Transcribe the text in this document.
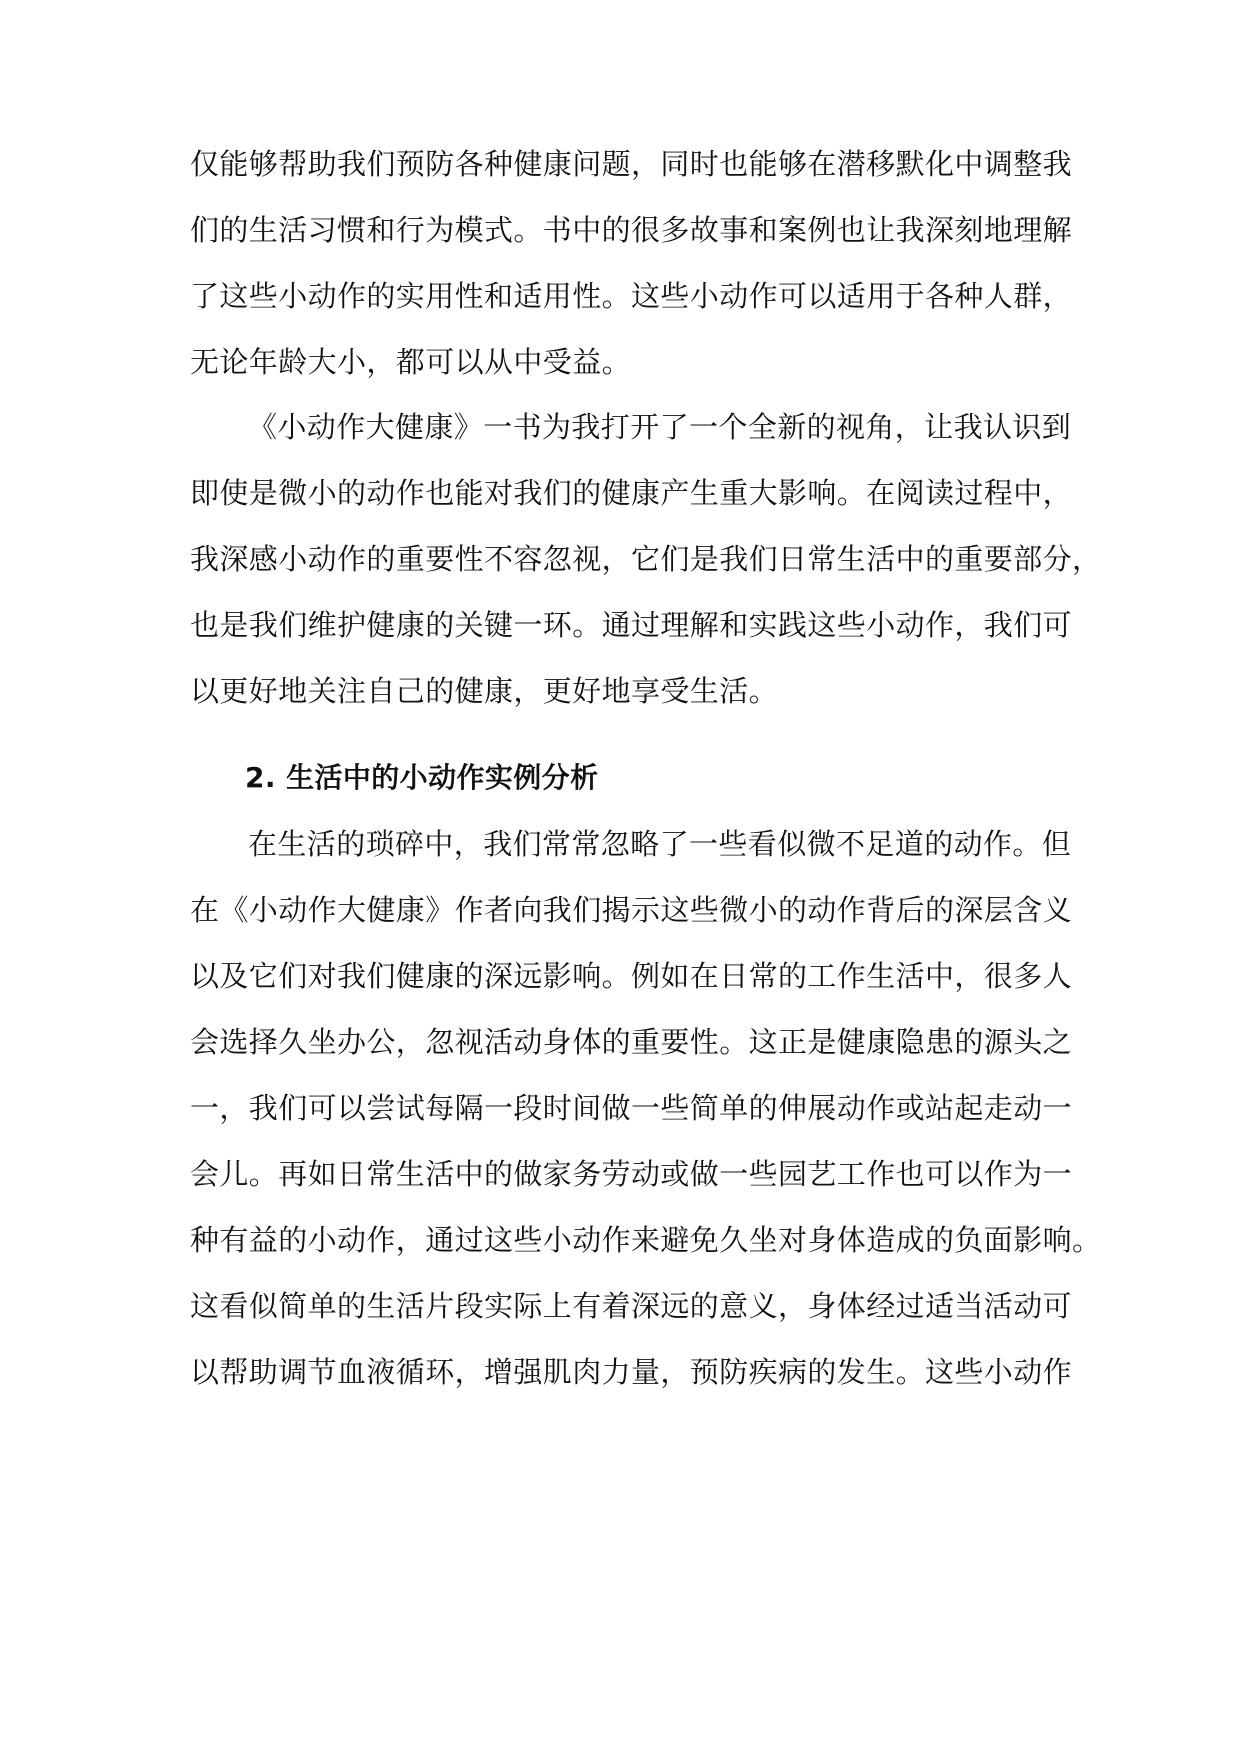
仅能够帮助我们预防各种健康问题，同时也能够在潜移默化中调整我
们的生活习惯和行为模式。书中的很多故事和案例也让我深刻地理解
了这些小动作的实用性和适用性。这些小动作可以适用于各种人群，
无论年龄大小，都可以从中受益。
《小动作大健康》一书为我打开了一个全新的视角，让我认识到
即使是微小的动作也能对我们的健康产生重大影响。在阅读过程中，
我深感小动作的重要性不容忽视，它们是我们日常生活中的重要部分，
也是我们维护健康的关键一环。通过理解和实践这些小动作，我们可
以更好地关注自己的健康，更好地享受生活。
2. 生活中的小动作实例分析
在生活的琐碎中，我们常常忽略了一些看似微不足道的动作。但
在《小动作大健康》作者向我们揭示这些微小的动作背后的深层含义
以及它们对我们健康的深远影响。例如在日常的工作生活中，很多人
会选择久坐办公，忽视活动身体的重要性。这正是健康隐患的源头之
一，我们可以尝试每隔一段时间做一些简单的伸展动作或站起走动一
会儿。再如日常生活中的做家务劳动或做一些园艺工作也可以作为一
种有益的小动作，通过这些小动作来避免久坐对身体造成的负面影响。
这看似简单的生活片段实际上有着深远的意义，身体经过适当活动可
以帮助调节血液循环，增强肌肉力量，预防疾病的发生。这些小动作
